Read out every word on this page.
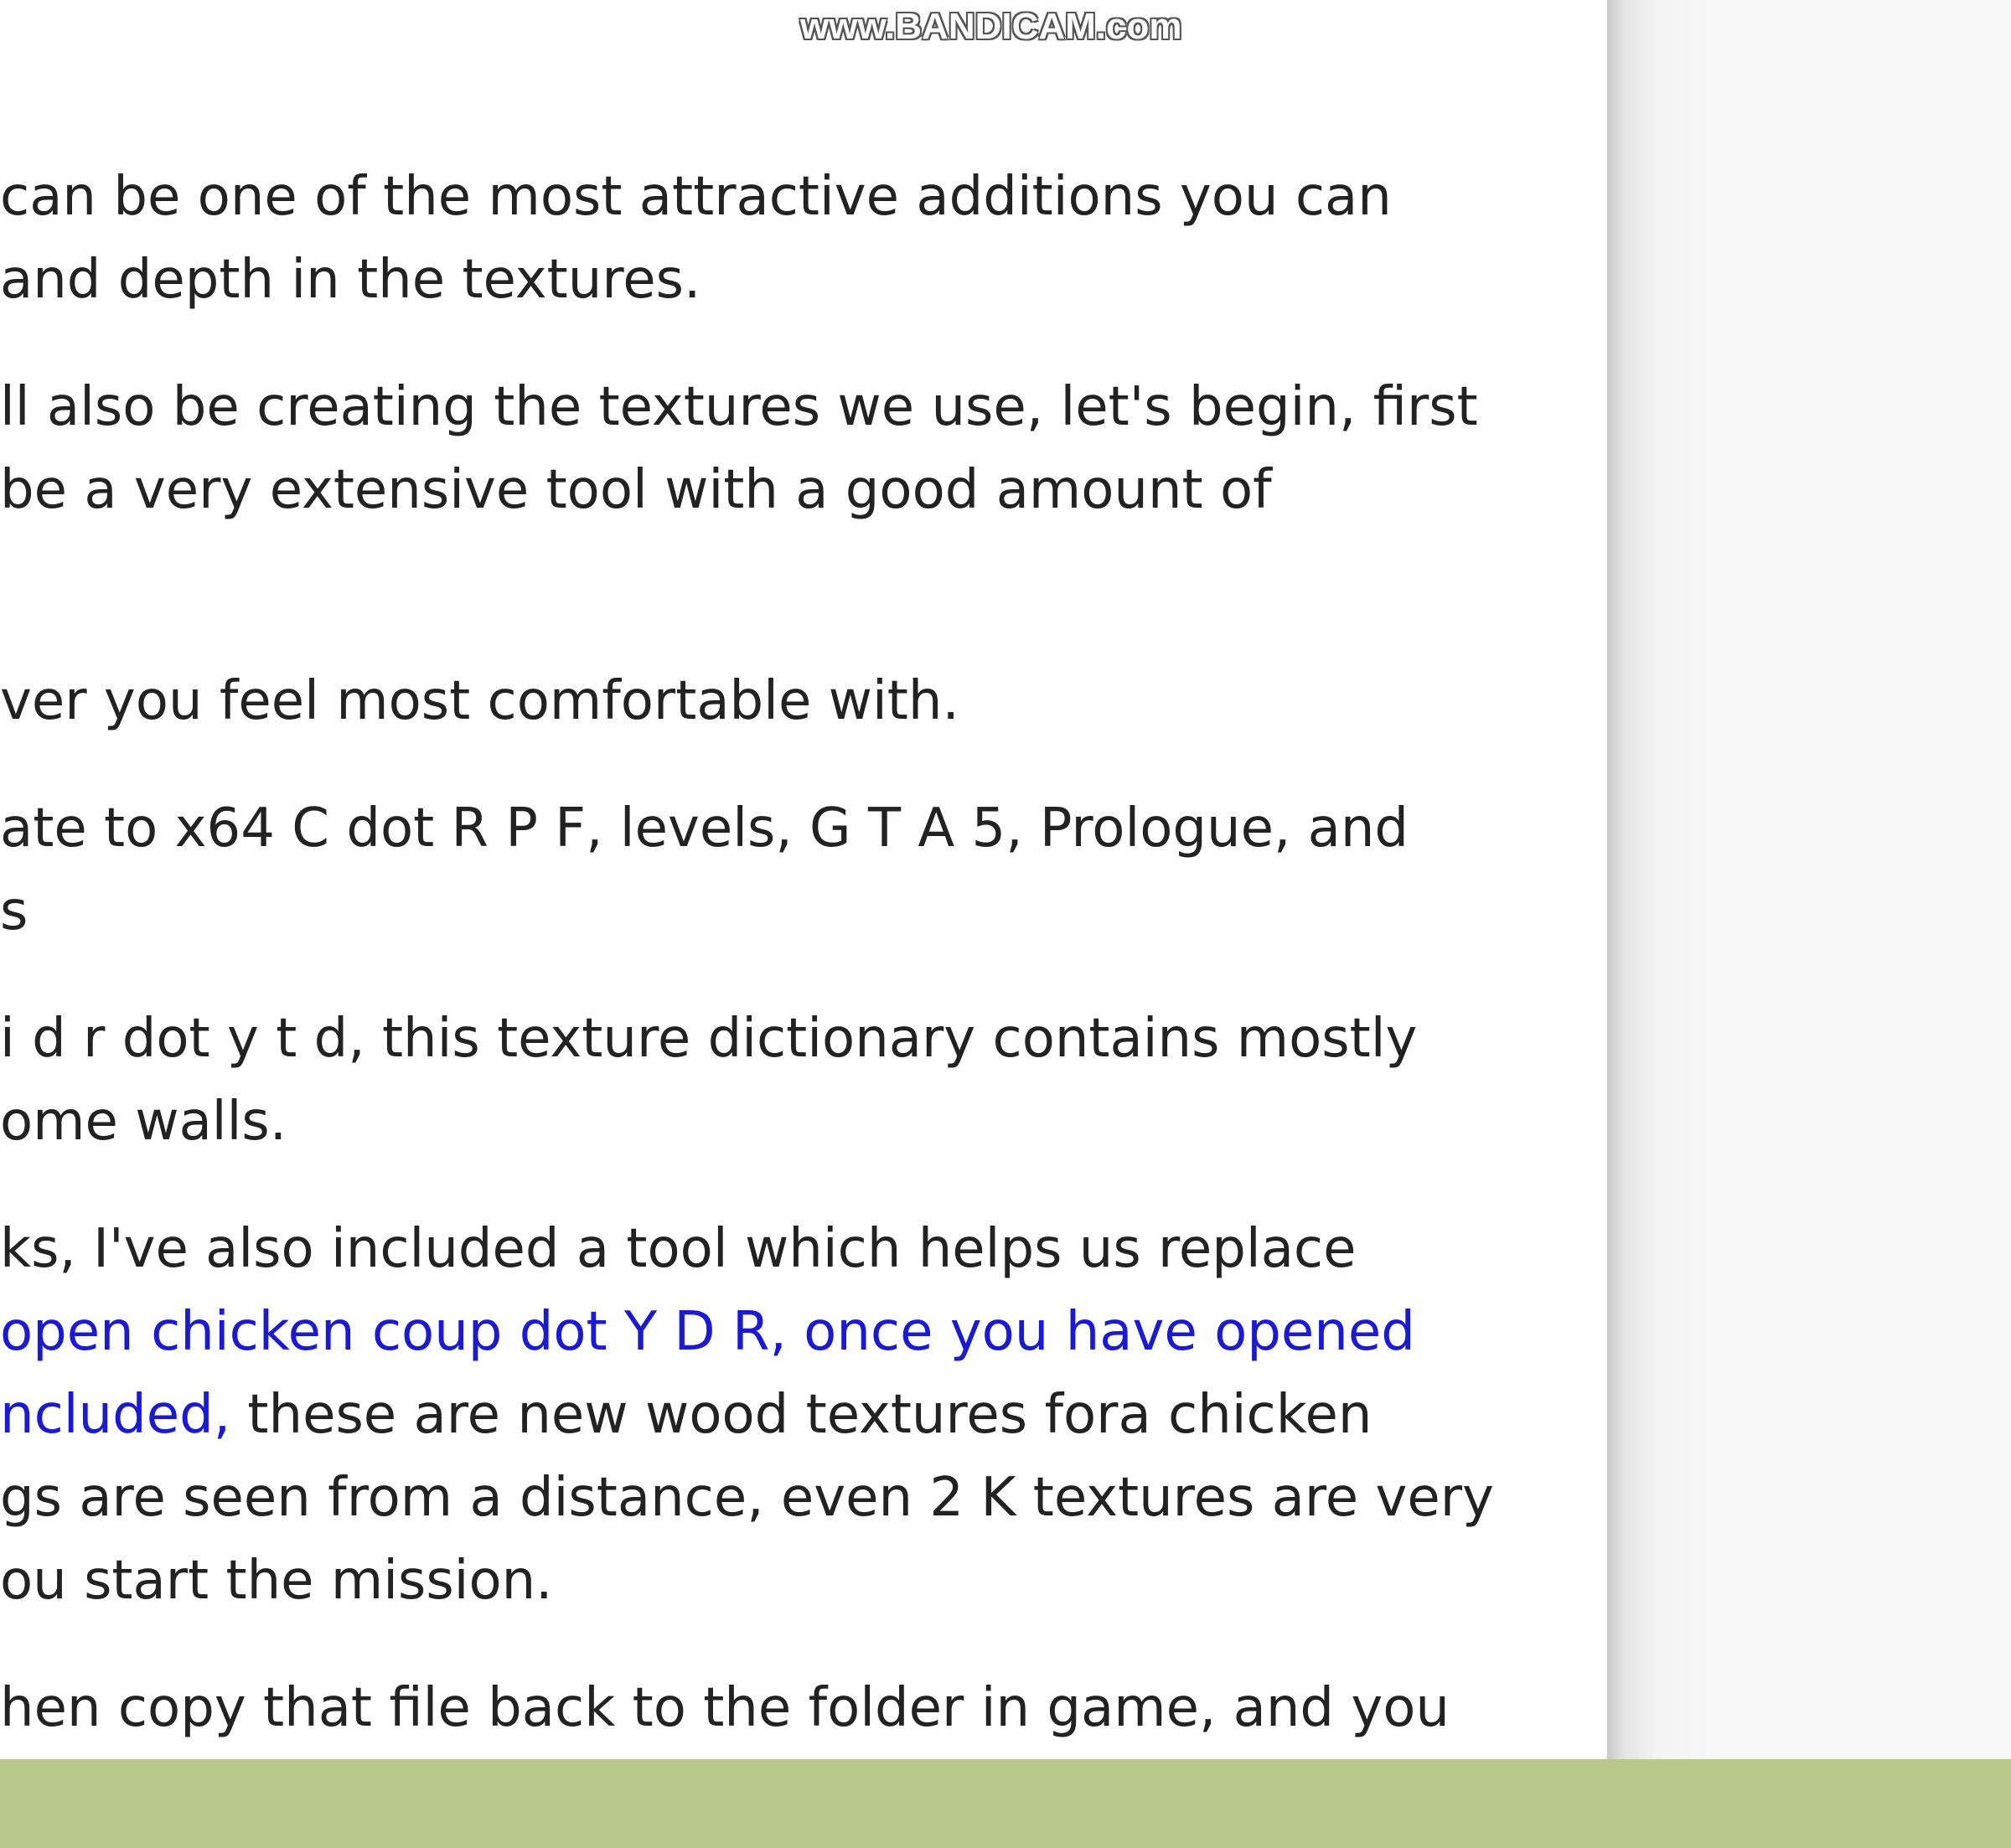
can be one of the most attractive additions you can
and depth in the textures.
ll also be creating the textures we use, let's begin, first
be a very extensive tool with a good amount of
ver you feel most comfortable with.
ate to x64 C dot R P F, levels, G T A 5, Prologue, and
s
i d r dot y t d, this texture dictionary contains mostly
ome walls.
ks, I've also included a tool which helps us replace
open chicken coup dot Y D R, once you have opened
ncluded, these are new wood textures fora chicken
gs are seen from a distance, even 2 K textures are very
ou start the mission.
hen copy that file back to the folder in game, and you
www.BANDICAM.com
